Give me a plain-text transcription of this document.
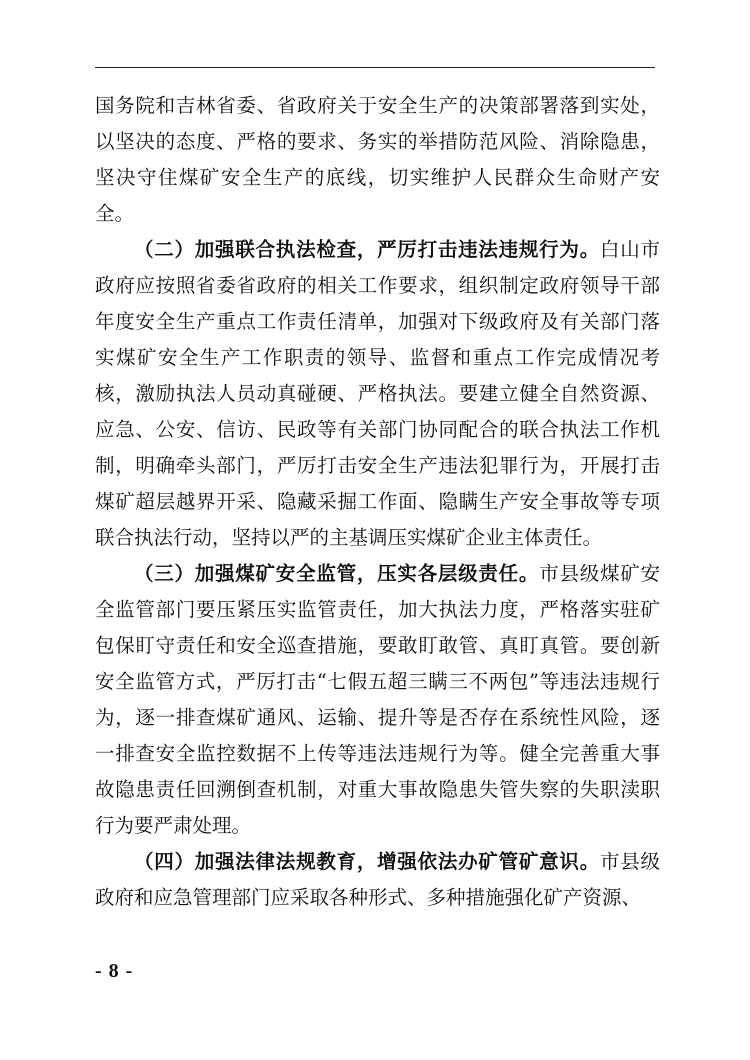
国务院和吉林省委、省政府关于安全生产的决策部署落到实处，以坚决的态度、严格的要求、务实的举措防范风险、消除隐患，坚决守住煤矿安全生产的底线，切实维护人民群众生命财产安全。

（二）加强联合执法检查，严厉打击违法违规行为。白山市政府应按照省委省政府的相关工作要求，组织制定政府领导干部年度安全生产重点工作责任清单，加强对下级政府及有关部门落实煤矿安全生产工作职责的领导、监督和重点工作完成情况考核，激励执法人员动真碰硬、严格执法。要建立健全自然资源、应急、公安、信访、民政等有关部门协同配合的联合执法工作机制，明确牵头部门，严厉打击安全生产违法犯罪行为，开展打击煤矿超层越界开采、隐藏采掘工作面、隐瞒生产安全事故等专项联合执法行动，坚持以严的主基调压实煤矿企业主体责任。

（三）加强煤矿安全监管，压实各层级责任。市县级煤矿安全监管部门要压紧压实监管责任，加大执法力度，严格落实驻矿包保盯守责任和安全巡查措施，要敢盯敢管、真盯真管。要创新安全监管方式，严厉打击“七假五超三瞒三不两包”等违法违规行为，逐一排查煤矿通风、运输、提升等是否存在系统性风险，逐一排查安全监控数据不上传等违法违规行为等。健全完善重大事故隐患责任回溯倒查机制，对重大事故隐患失管失察的失职渎职行为要严肃处理。

（四）加强法律法规教育，增强依法办矿管矿意识。市县级政府和应急管理部门应采取各种形式、多种措施强化矿产资源、

- 8 -
